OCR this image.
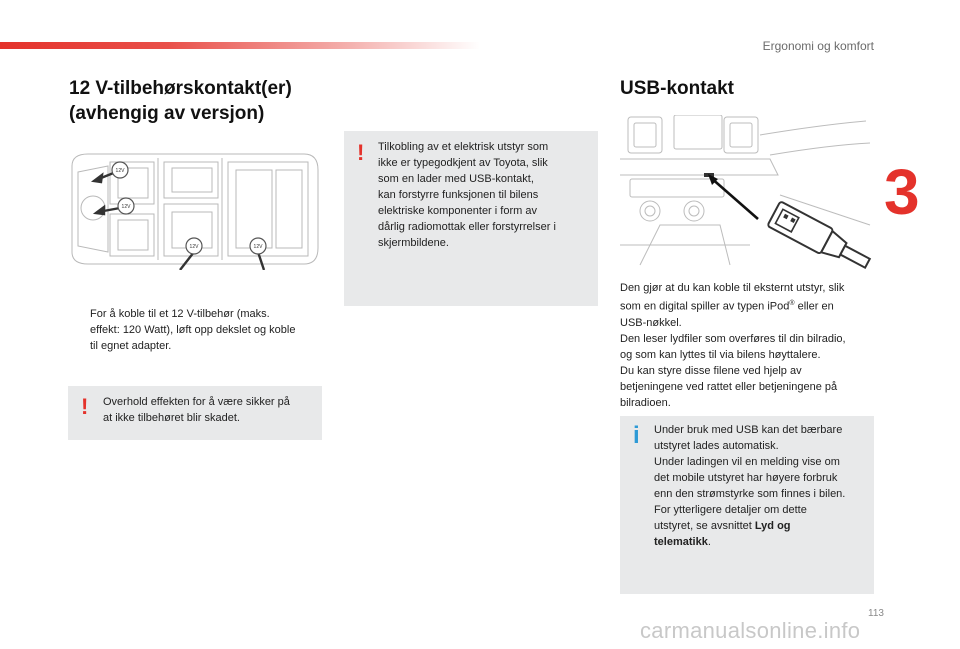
Ergonomi og komfort
3
12 V-tilbehørskontakt(er)
(avhengig av versjon)
12V
12V
12V	12V
For å koble til et 12 V-tilbehør (maks.
effekt: 120 Watt), løft opp dekslet og koble
til egnet adapter.
! Overhold effekten for å være sikker på
at ikke tilbehøret blir skadet.
! Tilkobling av et elektrisk utstyr som
ikke er typegodkjent av Toyota, slik
som en lader med USB-kontakt,
kan forstyrre funksjonen til bilens
elektriske komponenter i form av
dårlig radiomottak eller forstyrrelser i
skjermbildene.
USB-kontakt
Den gjør at du kan koble til eksternt utstyr, slik
som en digital spiller av typen iPod® eller en
USB-nøkkel.
Den leser lydfiler som overføres til din bilradio,
og som kan lyttes til via bilens høyttalere.
Du kan styre disse filene ved hjelp av
betjeningene ved rattet eller betjeningene på
bilradioen.
i Under bruk med USB kan det bærbare
utstyret lades automatisk.
Under ladingen vil en melding vise om
det mobile utstyret har høyere forbruk
enn den strømstyrke som finnes i bilen.
For ytterligere detaljer om dette
utstyret, se avsnittet Lyd og
telematikk.
113
carmanualsonline.info
